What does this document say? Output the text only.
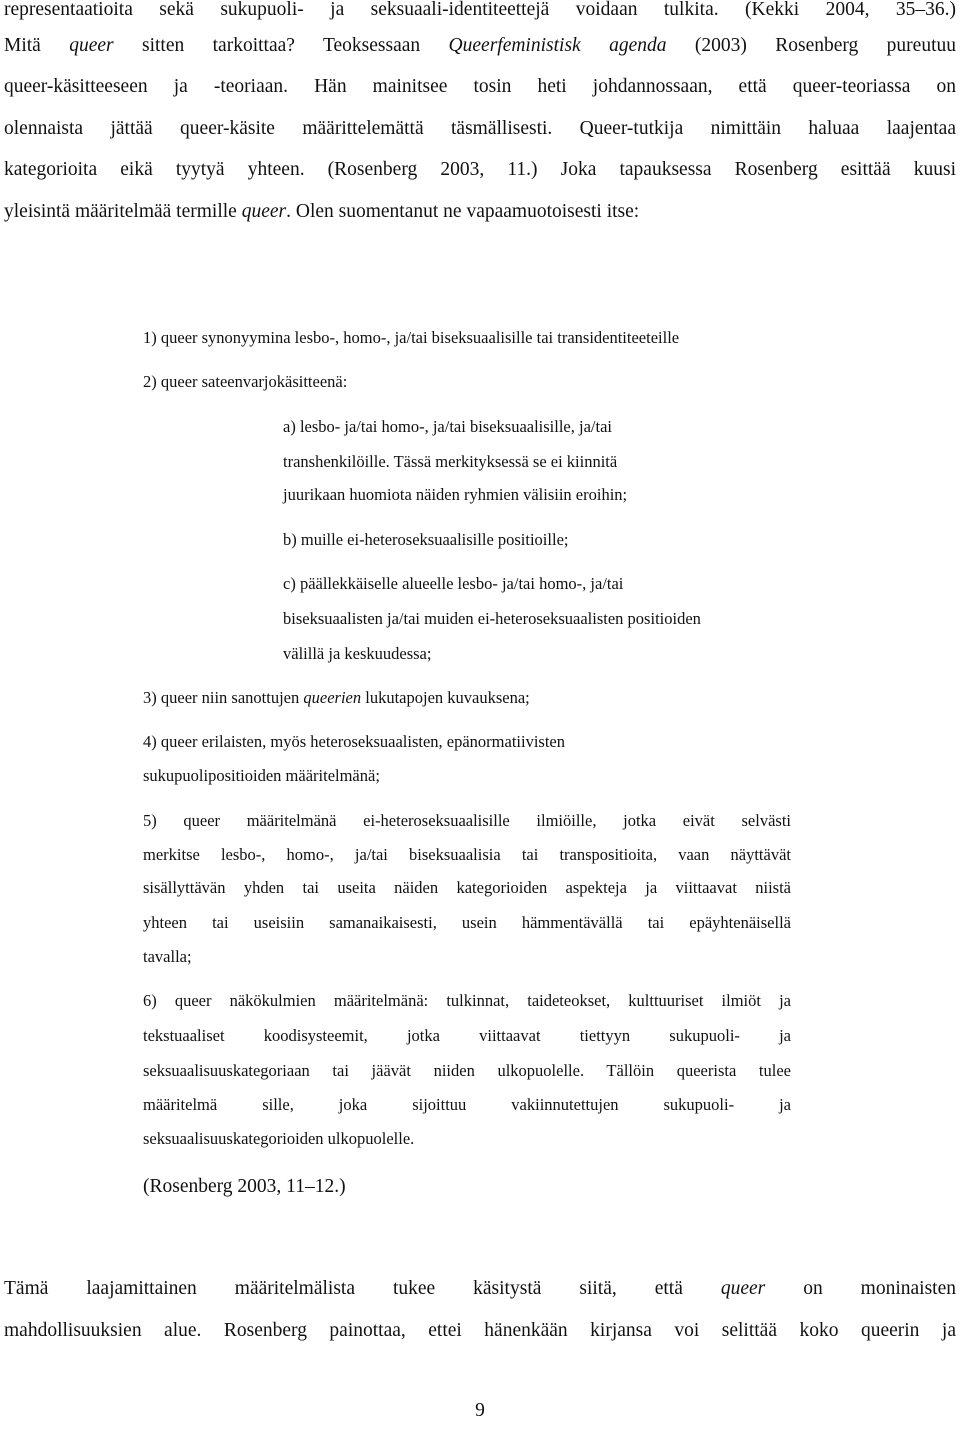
representaatioita sekä sukupuoli- ja seksuaali-identiteettejä voidaan tulkita. (Kekki 2004, 35–36.)
Mitä queer sitten tarkoittaa? Teoksessaan Queerfeministisk agenda (2003) Rosenberg pureutuu
queer-käsitteeseen ja -teoriaan. Hän mainitsee tosin heti johdannossaan, että queer-teoriassa on
olennaista jättää queer-käsite määrittelemättä täsmällisesti. Queer-tutkija nimittäin haluaa laajentaa
kategorioita eikä tyytyä yhteen. (Rosenberg 2003, 11.) Joka tapauksessa Rosenberg esittää kuusi
yleisintä määritelmää termille queer. Olen suomentanut ne vapaamuotoisesti itse:
1) queer synonyymina lesbo-, homo-, ja/tai biseksuaalisille tai transidentiteeteille
2) queer sateenvarjokäsitteenä:
a) lesbo- ja/tai homo-, ja/tai biseksuaalisille, ja/tai
transhenkilöille. Tässä merkityksessä se ei kiinnitä
juurikaan huomiota näiden ryhmien välisiin eroihin;
b) muille ei-heteroseksuaalisille positioille;
c) päällekkäiselle alueelle lesbo- ja/tai homo-, ja/tai
biseksuaalisten ja/tai muiden ei-heteroseksuaalisten positioiden
välillä ja keskuudessa;
3) queer niin sanottujen queerien lukutapojen kuvauksena;
4) queer erilaisten, myös heteroseksuaalisten, epänormatiivisten
sukupuolipositioiden määritelmänä;
5) queer määritelmänä ei-heteroseksuaalisille ilmiöille, jotka eivät selvästi
merkitse lesbo-, homo-, ja/tai biseksuaalisia tai transpositioita, vaan näyttävät
sisällyttävän yhden tai useita näiden kategorioiden aspekteja ja viittaavat niistä
yhteen tai useisiin samanaikaisesti, usein hämmentävällä tai epäyhtenäisellä
tavalla;
6) queer näkökulmien määritelmänä: tulkinnat, taideteokset, kulttuuriset ilmiöt ja
tekstuaaliset koodisysteemit, jotka viittaavat tiettyyn sukupuoli- ja
seksuaalisuuskategoriaan tai jäävät niiden ulkopuolelle. Tällöin queerista tulee
määritelmä sille, joka sijoittuu vakiinnutettujen sukupuoli- ja
seksuaalisuuskategorioiden ulkopuolelle.
(Rosenberg 2003, 11–12.)
Tämä laajamittainen määritelmälista tukee käsitystä siitä, että queer on moninaisten
mahdollisuuksien alue. Rosenberg painottaa, ettei hänenkään kirjansa voi selittää koko queerin ja
9
